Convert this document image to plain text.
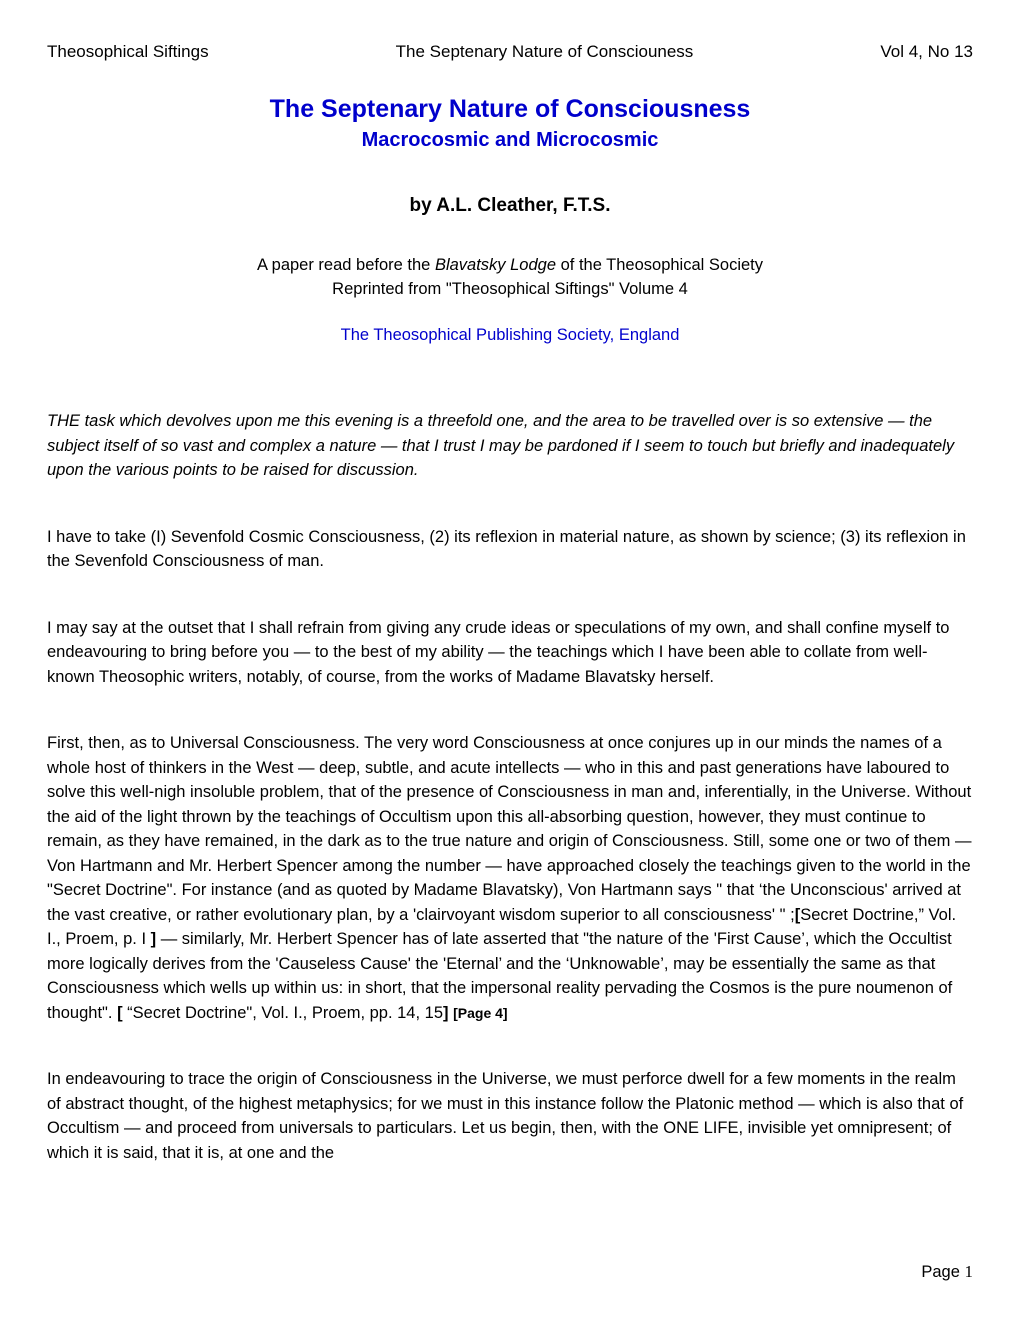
Theosophical Siftings	The Septenary Nature of Consciouness	Vol 4, No 13
The Septenary Nature of Consciousness
Macrocosmic and Microcosmic
by A.L. Cleather, F.T.S.
A paper read before the Blavatsky Lodge of the Theosophical Society
Reprinted from "Theosophical Siftings" Volume 4
The Theosophical Publishing Society, England

THE task which devolves upon me this evening is a threefold one, and the area to be travelled over is so extensive — the subject itself of so vast and complex a nature — that I trust I may be pardoned if I seem to touch but briefly and inadequately upon the various points to be raised for discussion.

I have to take (I) Sevenfold Cosmic Consciousness, (2) its reflexion in material nature, as shown by science; (3) its reflexion in the Sevenfold Consciousness of man.

I may say at the outset that I shall refrain from giving any crude ideas or speculations of my own, and shall confine myself to endeavouring to bring before you — to the best of my ability — the teachings which I have been able to collate from well-known Theosophic writers, notably, of course, from the works of Madame Blavatsky herself.

First, then, as to Universal Consciousness. The very word Consciousness at once conjures up in our minds the names of a whole host of thinkers in the West — deep, subtle, and acute intellects — who in this and past generations have laboured to solve this well-nigh insoluble problem, that of the presence of Consciousness in man and, inferentially, in the Universe. Without the aid of the light thrown by the teachings of Occultism upon this all-absorbing question, however, they must continue to remain, as they have remained, in the dark as to the true nature and origin of Consciousness. Still, some one or two of them — Von Hartmann and Mr. Herbert Spencer among the number — have approached closely the teachings given to the world in the "Secret Doctrine". For instance (and as quoted by Madame Blavatsky), Von Hartmann says " that ‘the Unconscious' arrived at the vast creative, or rather evolutionary plan, by a 'clairvoyant wisdom superior to all consciousness' " ;[Secret Doctrine,” Vol. I., Proem, p. I ] — similarly, Mr. Herbert Spencer has of late asserted that "the nature of the 'First Cause’, which the Occultist more logically derives from the 'Causeless Cause' the 'Eternal’ and the ‘Unknowable’, may be essentially the same as that Consciousness which wells up within us: in short, that the impersonal reality pervading the Cosmos is the pure noumenon of thought". [ “Secret Doctrine", Vol. I., Proem, pp. 14, 15] [Page 4]

In endeavouring to trace the origin of Consciousness in the Universe, we must perforce dwell for a few moments in the realm of abstract thought, of the highest metaphysics; for we must in this instance follow the Platonic method — which is also that of Occultism — and proceed from universals to particulars. Let us begin, then, with the ONE LIFE, invisible yet omnipresent; of which it is said, that it is, at one and the

Page 1
